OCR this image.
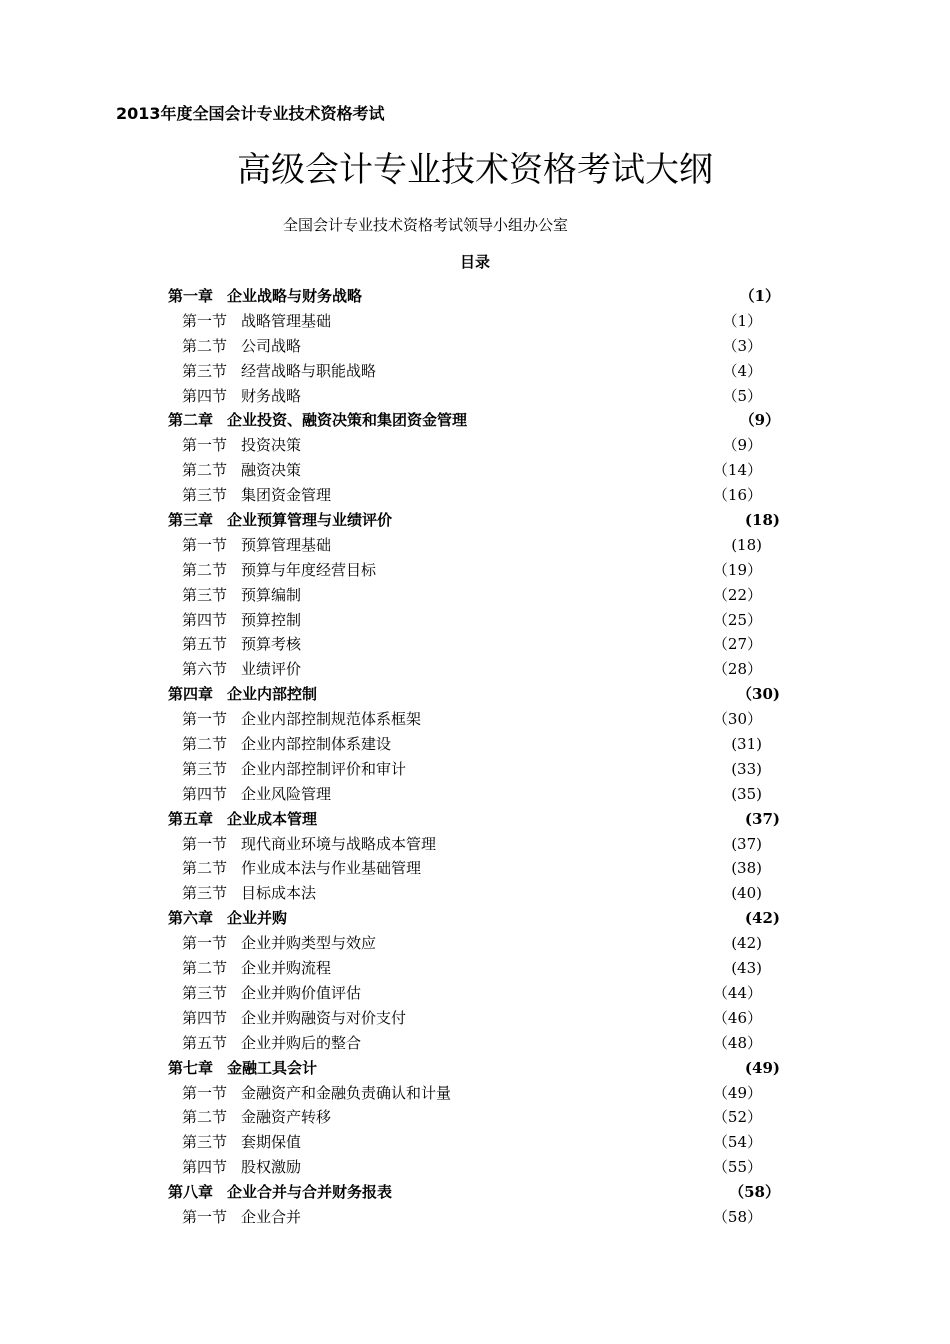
2013年度全国会计专业技术资格考试
高级会计专业技术资格考试大纲
全国会计专业技术资格考试领导小组办公室
目录
第一章 企业战略与财务战略	（1）
第一节 战略管理基础	（1）
第二节 公司战略	（3）
第三节 经营战略与职能战略	（4）
第四节 财务战略	（5）
第二章 企业投资、融资决策和集团资金管理	（9）
第一节 投资决策	（9）
第二节 融资决策	（14）
第三节 集团资金管理	（16）
第三章 企业预算管理与业绩评价	(18)
第一节 预算管理基础	(18)
第二节 预算与年度经营目标	（19）
第三节 预算编制	（22）
第四节 预算控制	（25）
第五节 预算考核	（27）
第六节 业绩评价	（28）
第四章 企业内部控制	（30)
第一节 企业内部控制规范体系框架	（30）
第二节 企业内部控制体系建设	(31)
第三节 企业内部控制评价和审计	(33)
第四节 企业风险管理	(35)
第五章 企业成本管理	(37)
第一节 现代商业环境与战略成本管理	(37)
第二节 作业成本法与作业基础管理	(38)
第三节 目标成本法	(40)
第六章 企业并购	(42)
第一节 企业并购类型与效应	(42)
第二节 企业并购流程	(43)
第三节 企业并购价值评估	（44）
第四节 企业并购融资与对价支付	（46）
第五节 企业并购后的整合	（48）
第七章 金融工具会计	(49)
第一节 金融资产和金融负责确认和计量	（49）
第二节 金融资产转移	（52）
第三节 套期保值	（54）
第四节 股权激励	（55）
第八章 企业合并与合并财务报表	（58）
第一节 企业合并	（58）
